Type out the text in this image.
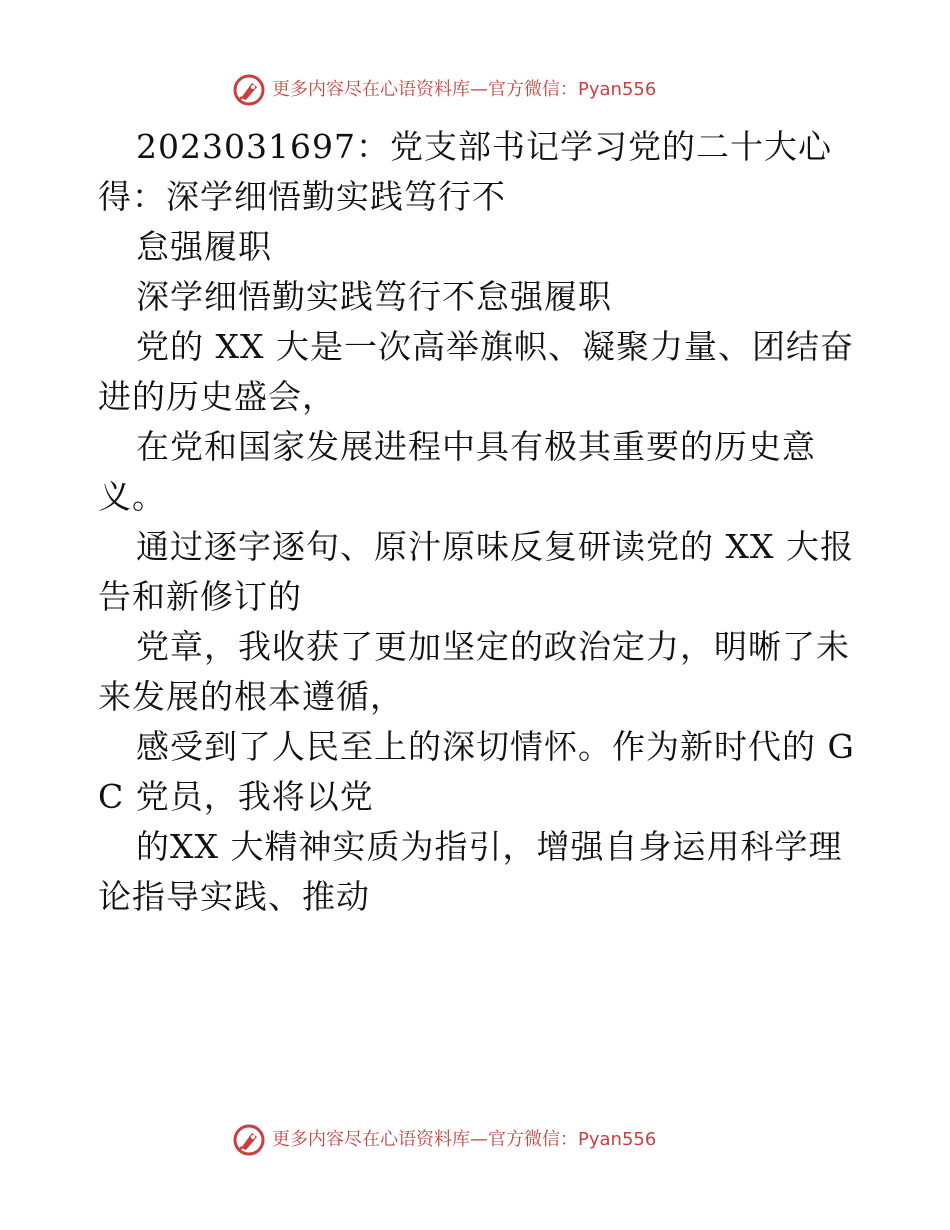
更多内容尽在心语资料库—官方微信：Pyan556

2023031697：党支部书记学习党的二十大心得：深学细悟勤实践笃行不

怠强履职

深学细悟勤实践笃行不怠强履职

党的 XX 大是一次高举旗帜、凝聚力量、团结奋进的历史盛会，

在党和国家发展进程中具有极其重要的历史意义。

通过逐字逐句、原汁原味反复研读党的 XX 大报告和新修订的

党章，我收获了更加坚定的政治定力，明晰了未来发展的根本遵循，

感受到了人民至上的深切情怀。作为新时代的 GC 党员，我将以党

的XX 大精神实质为指引，增强自身运用科学理论指导实践、推动

更多内容尽在心语资料库—官方微信：Pyan556
